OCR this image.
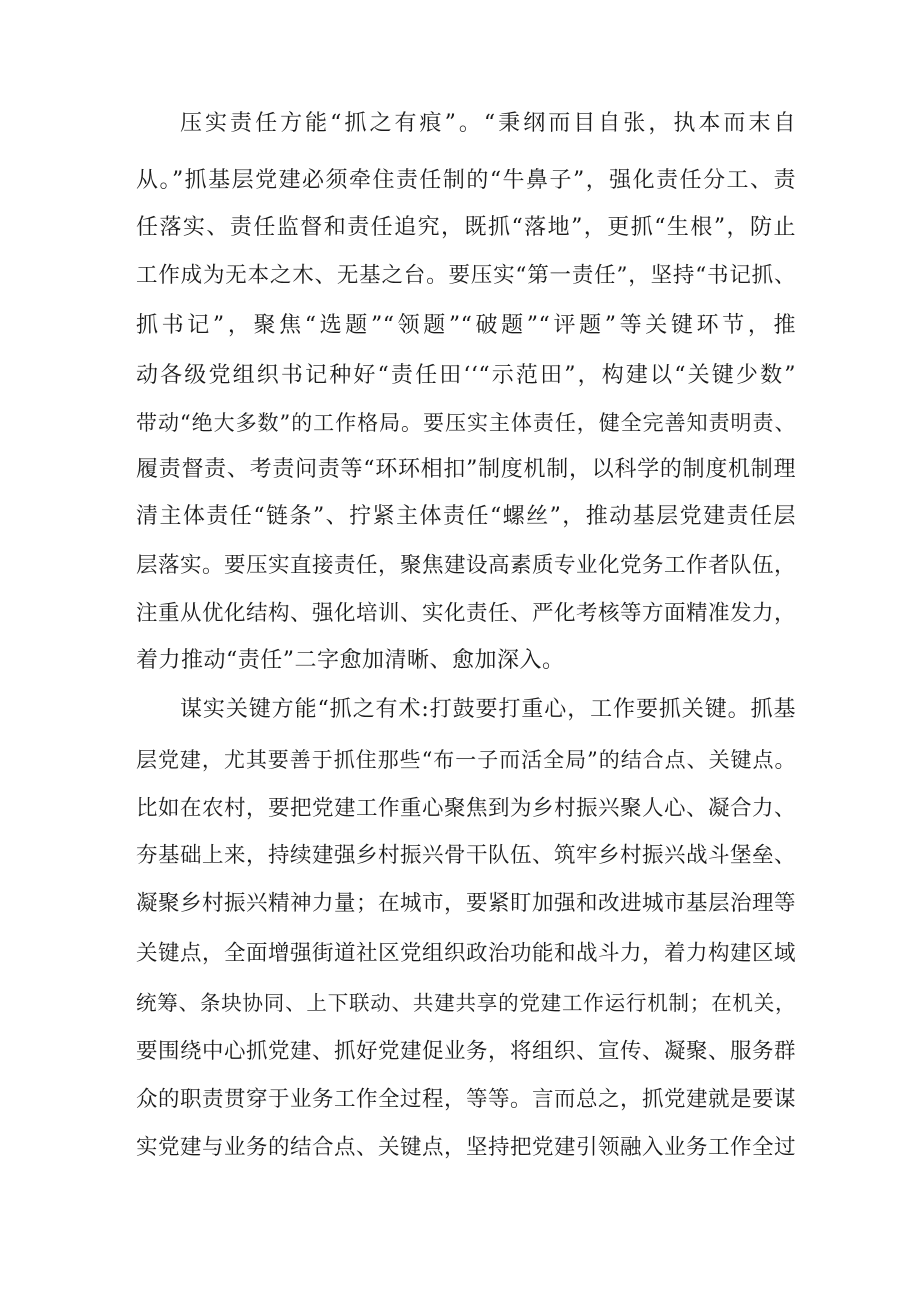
压实责任方能“抓之有痕”。“秉纲而目自张，执本而末自
从。”抓基层党建必须牵住责任制的“牛鼻子”，强化责任分工、责
任落实、责任监督和责任追究，既抓“落地”，更抓“生根”，防止
工作成为无本之木、无基之台。要压实“第一责任”，坚持“书记抓、
抓书记”，聚焦“选题”“领题”“破题”“评题”等关键环节，推
动各级党组织书记种好“责任田‘‘“示范田”，构建以“关键少数”
带动“绝大多数”的工作格局。要压实主体责任，健全完善知责明责、
履责督责、考责问责等“环环相扣”制度机制，以科学的制度机制理
清主体责任“链条”、拧紧主体责任“螺丝”，推动基层党建责任层
层落实。要压实直接责任，聚焦建设高素质专业化党务工作者队伍，
注重从优化结构、强化培训、实化责任、严化考核等方面精准发力，
着力推动“责任”二字愈加清晰、愈加深入。
谋实关键方能“抓之有术:打鼓要打重心，工作要抓关键。抓基
层党建，尤其要善于抓住那些“布一子而活全局”的结合点、关键点。
比如在农村，要把党建工作重心聚焦到为乡村振兴聚人心、凝合力、
夯基础上来，持续建强乡村振兴骨干队伍、筑牢乡村振兴战斗堡垒、
凝聚乡村振兴精神力量；在城市，要紧盯加强和改进城市基层治理等
关键点，全面增强街道社区党组织政治功能和战斗力，着力构建区域
统筹、条块协同、上下联动、共建共享的党建工作运行机制；在机关，
要围绕中心抓党建、抓好党建促业务，将组织、宣传、凝聚、服务群
众的职责贯穿于业务工作全过程，等等。言而总之，抓党建就是要谋
实党建与业务的结合点、关键点，坚持把党建引领融入业务工作全过
